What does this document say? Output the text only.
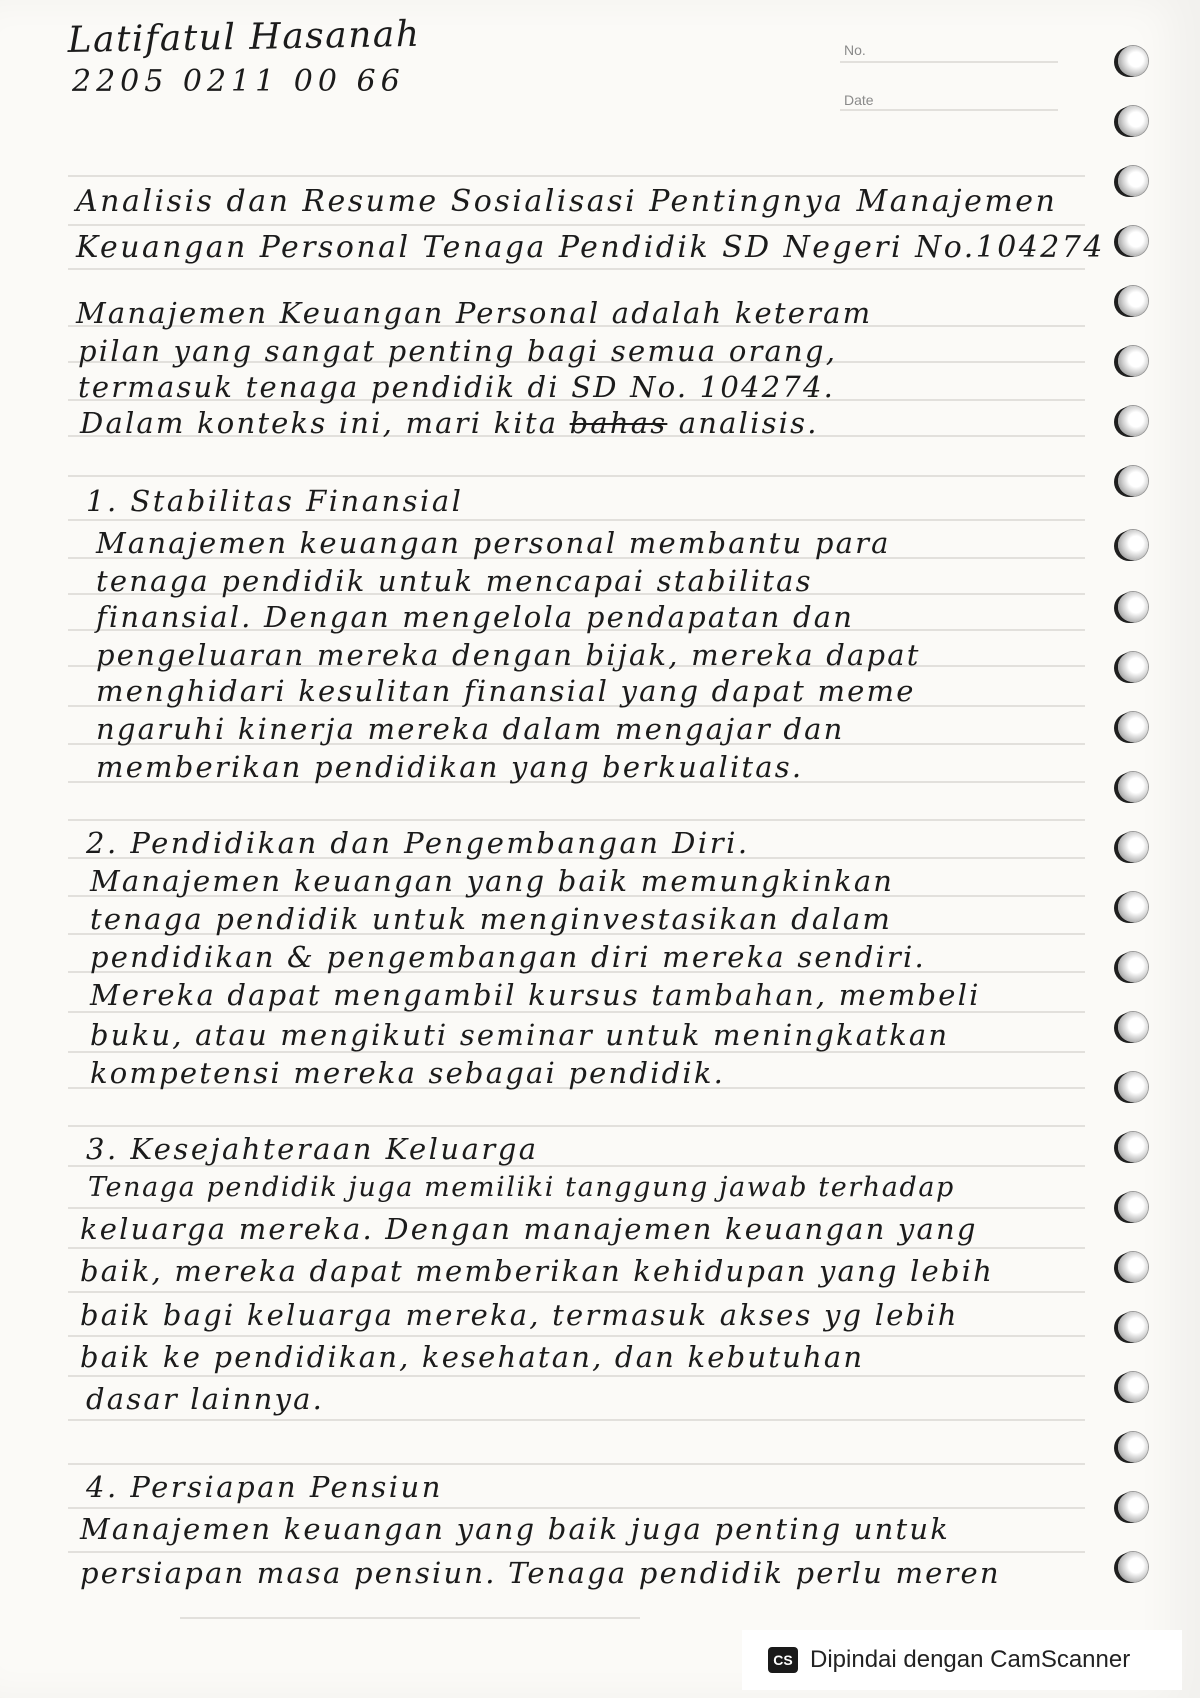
Latifatul Hasanah
2205 0211 00 66
No.
Date
Analisis dan Resume Sosialisasi Pentingnya Manajemen
Keuangan Personal Tenaga Pendidik SD Negeri No.104274
Manajemen Keuangan Personal adalah keteram
pilan yang sangat penting bagi semua orang,
termasuk tenaga pendidik di SD No. 104274.
Dalam konteks ini, mari kita bahas analisis.
1. Stabilitas Finansial
Manajemen keuangan personal membantu para
tenaga pendidik untuk mencapai stabilitas
finansial. Dengan mengelola pendapatan dan
pengeluaran mereka dengan bijak, mereka dapat
menghidari kesulitan finansial yang dapat meme
ngaruhi kinerja mereka dalam mengajar dan
memberikan pendidikan yang berkualitas.
2. Pendidikan dan Pengembangan Diri.
Manajemen keuangan yang baik memungkinkan
tenaga pendidik untuk menginvestasikan dalam
pendidikan & pengembangan diri mereka sendiri.
Mereka dapat mengambil kursus tambahan, membeli
buku, atau mengikuti seminar untuk meningkatkan
kompetensi mereka sebagai pendidik.
3. Kesejahteraan Keluarga
Tenaga pendidik juga memiliki tanggung jawab terhadap
keluarga mereka. Dengan manajemen keuangan yang
baik, mereka dapat memberikan kehidupan yang lebih
baik bagi keluarga mereka, termasuk akses yg lebih
baik ke pendidikan, kesehatan, dan kebutuhan
dasar lainnya.
4. Persiapan Pensiun
Manajemen keuangan yang baik juga penting untuk
persiapan masa pensiun. Tenaga pendidik perlu meren
CS Dipindai dengan CamScanner
